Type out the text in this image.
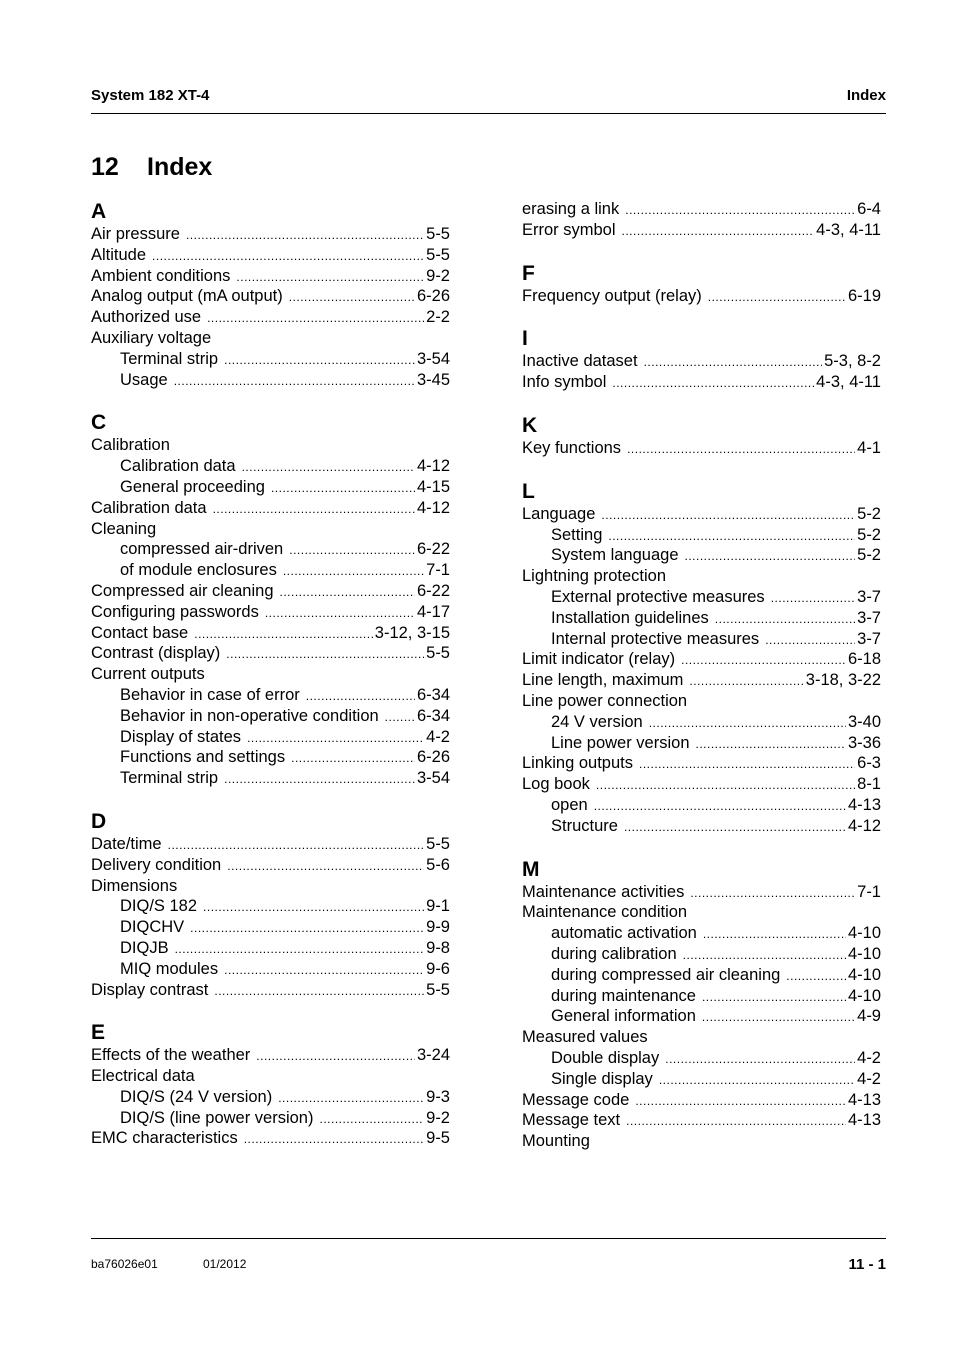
System 182 XT-4	Index
12 Index
A
Air pressure .....	5-5
Altitude .....	5-5
Ambient conditions .....	9-2
Analog output (mA output) .....	6-26
Authorized use .....	2-2
Auxiliary voltage
Terminal strip .....	3-54
Usage .....	3-45
C
Calibration
Calibration data .....	4-12
General proceeding .....	4-15
Calibration data .....	4-12
Cleaning
compressed air-driven .....	6-22
of module enclosures .....	7-1
Compressed air cleaning .....	6-22
Configuring passwords .....	4-17
Contact base .....	3-12, 3-15
Contrast (display) .....	5-5
Current outputs
Behavior in case of error .....	6-34
Behavior in non-operative condition ..... 6-34
Display of states .....	4-2
Functions and settings .....	6-26
Terminal strip .....	3-54
D
Date/time .....	5-5
Delivery condition .....	5-6
Dimensions
DIQ/S 182 .....	9-1
DIQCHV .....	9-9
DIQJB .....	9-8
MIQ modules .....	9-6
Display contrast .....	5-5
E
Effects of the weather .....	3-24
Electrical data
DIQ/S (24 V version) .....	9-3
DIQ/S (line power version) .....	9-2
EMC characteristics .....	9-5
erasing a link .....	6-4
Error symbol .....	4-3, 4-11
F
Frequency output (relay) .....	6-19
I
Inactive dataset .....	5-3, 8-2
Info symbol .....	4-3, 4-11
K
Key functions .....	4-1
L
Language .....	5-2
Setting .....	5-2
System language .....	5-2
Lightning protection
External protective measures .....	3-7
Installation guidelines .....	3-7
Internal protective measures .....	3-7
Limit indicator (relay) .....	6-18
Line length, maximum .....	3-18, 3-22
Line power connection
24 V version .....	3-40
Line power version .....	3-36
Linking outputs .....	6-3
Log book .....	8-1
open .....	4-13
Structure .....	4-12
M
Maintenance activities .....	7-1
Maintenance condition
automatic activation .....	4-10
during calibration .....	4-10
during compressed air cleaning .....	4-10
during maintenance .....	4-10
General information .....	4-9
Measured values
Double display .....	4-2
Single display .....	4-2
Message code .....	4-13
Message text .....	4-13
Mounting
ba76026e01	01/2012	11 - 1
